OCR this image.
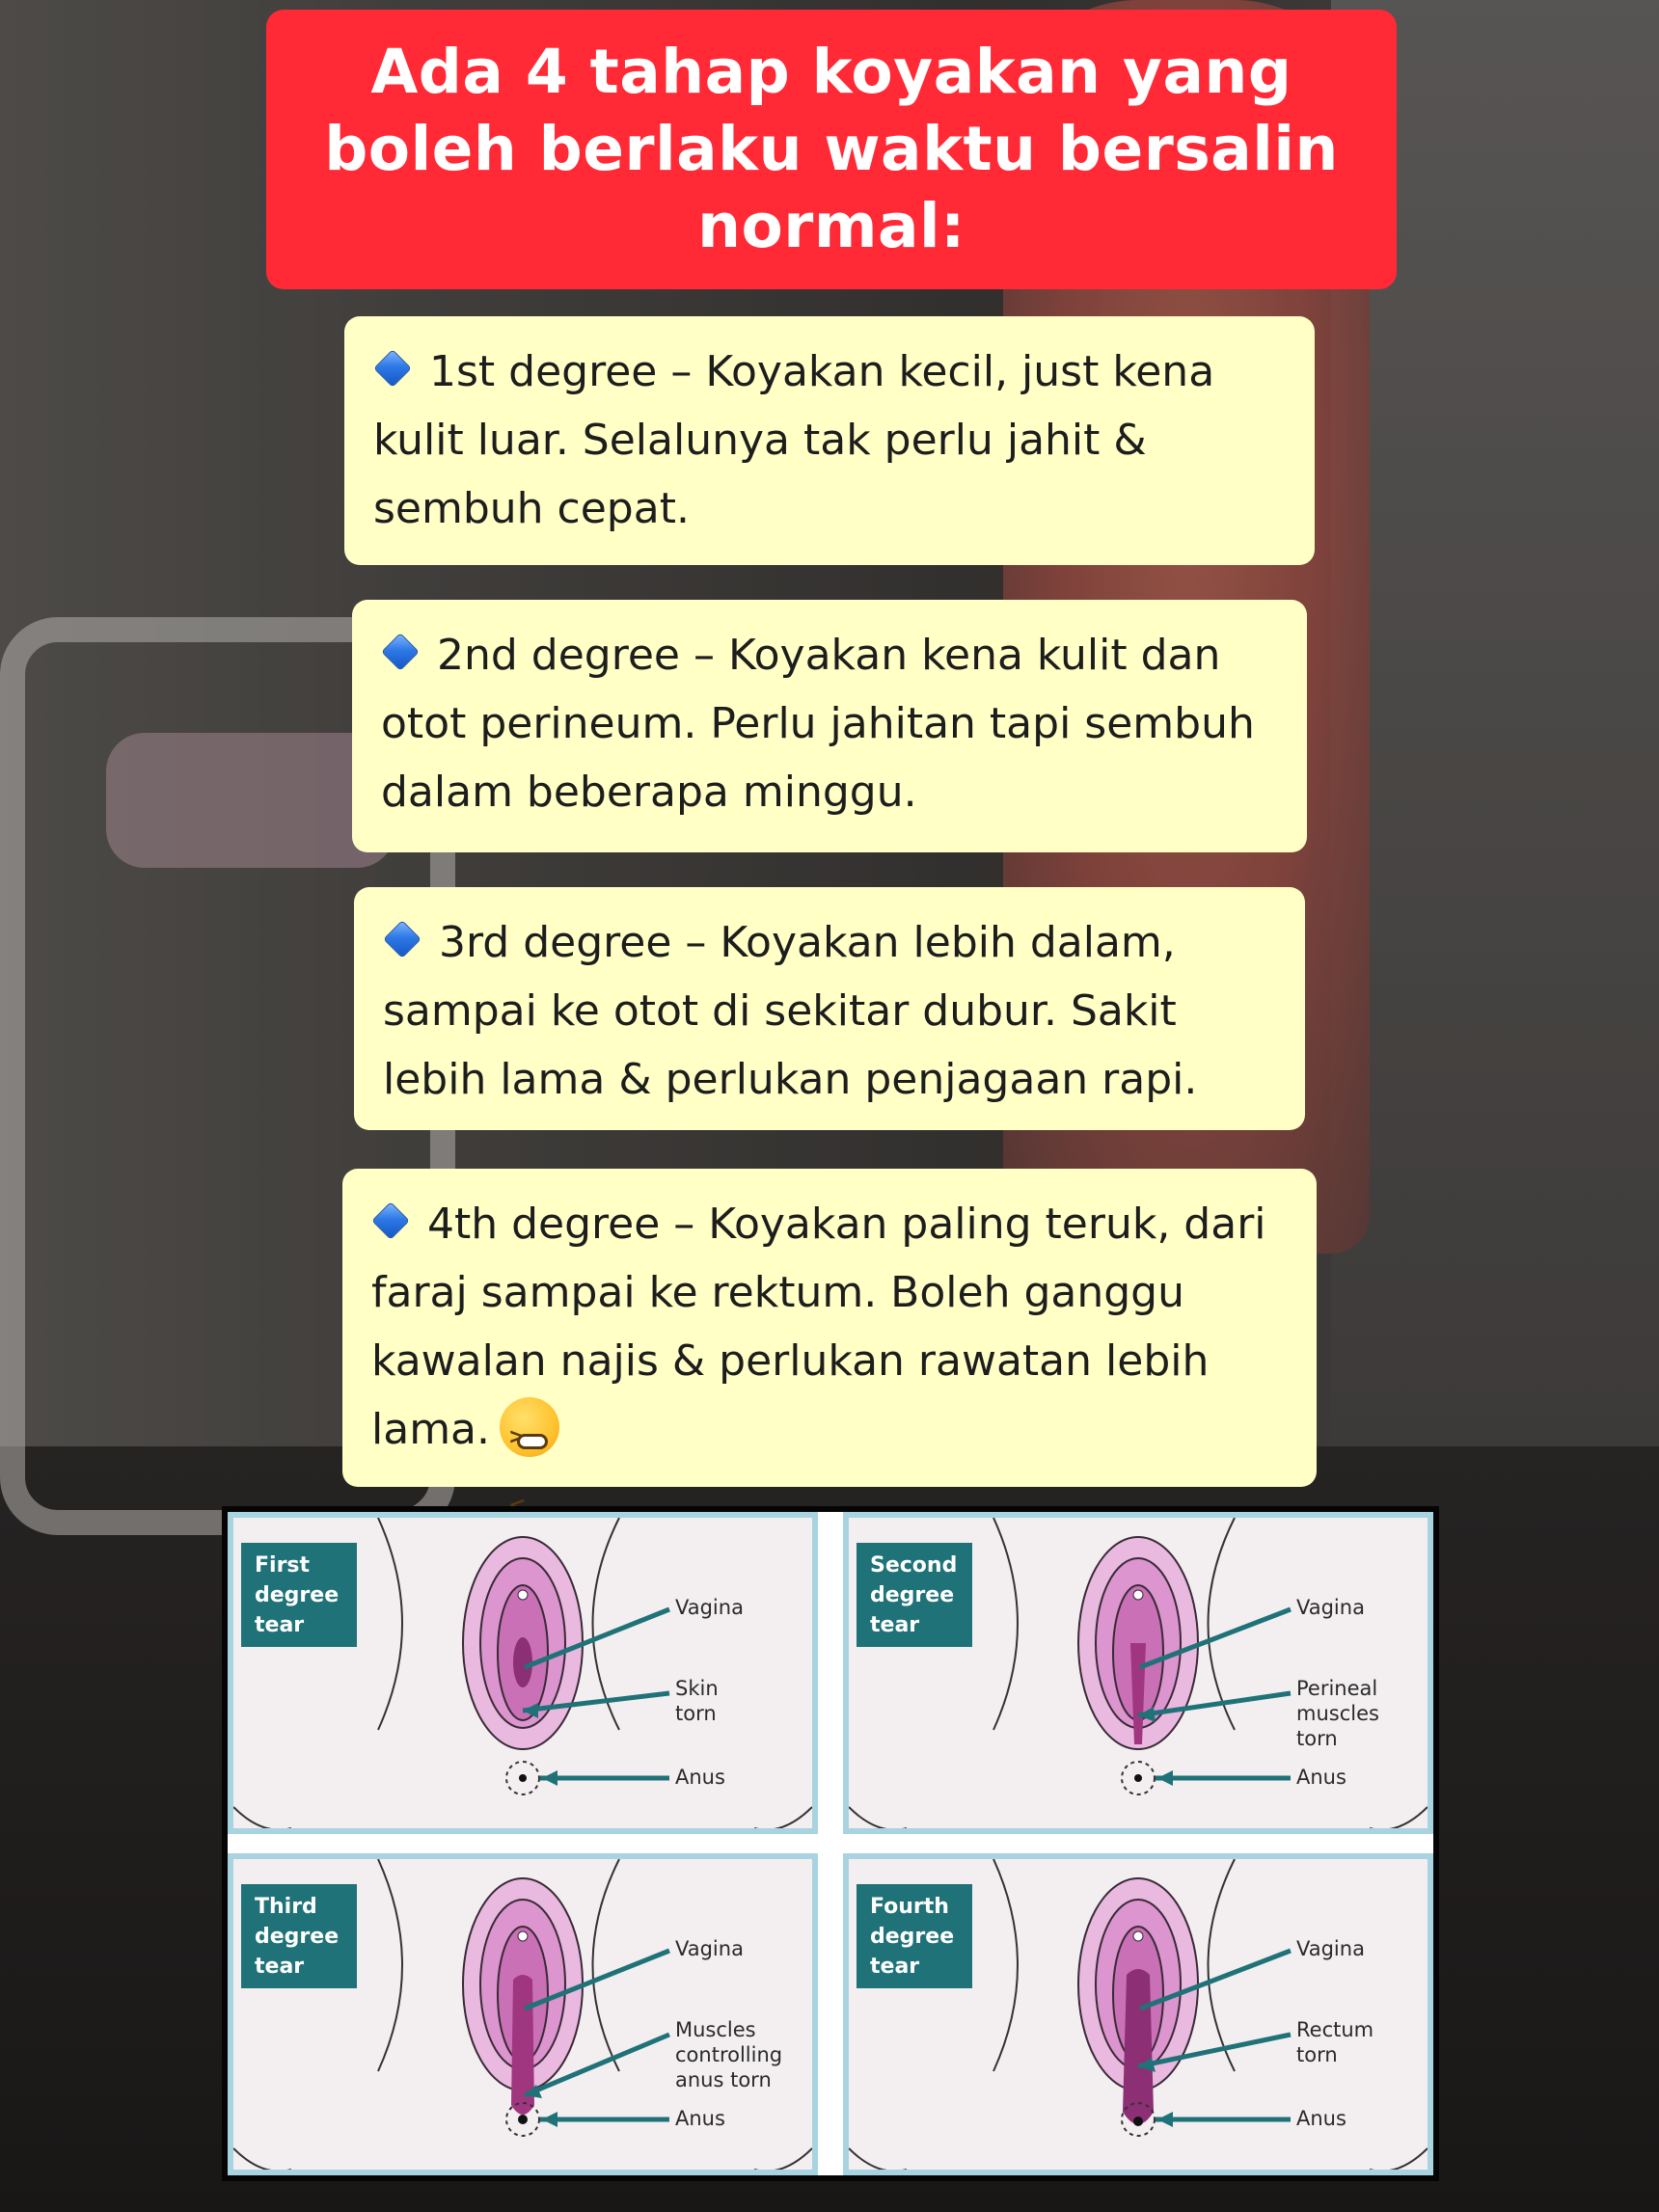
Ada 4 tahap koyakan yang boleh berlaku waktu bersalin normal:
1st degree – Koyakan kecil, just kena kulit luar. Selalunya tak perlu jahit & sembuh cepat.
2nd degree – Koyakan kena kulit dan otot perineum. Perlu jahitan tapi sembuh dalam beberapa minggu.
3rd degree – Koyakan lebih dalam, sampai ke otot di sekitar dubur. Sakit lebih lama & perlukan penjagaan rapi.
4th degree – Koyakan paling teruk, dari faraj sampai ke rektum. Boleh ganggu kawalan najis & perlukan rawatan lebih lama.><
First
degree
tear
Vagina
Skin
torn
Anus
Second
degree
tear
Vagina
Perineal
muscles
torn
Anus
Third
degree
tear
Vagina
Muscles
controlling
anus torn
Anus
Fourth
degree
tear
Vagina
Rectum
torn
Anus
